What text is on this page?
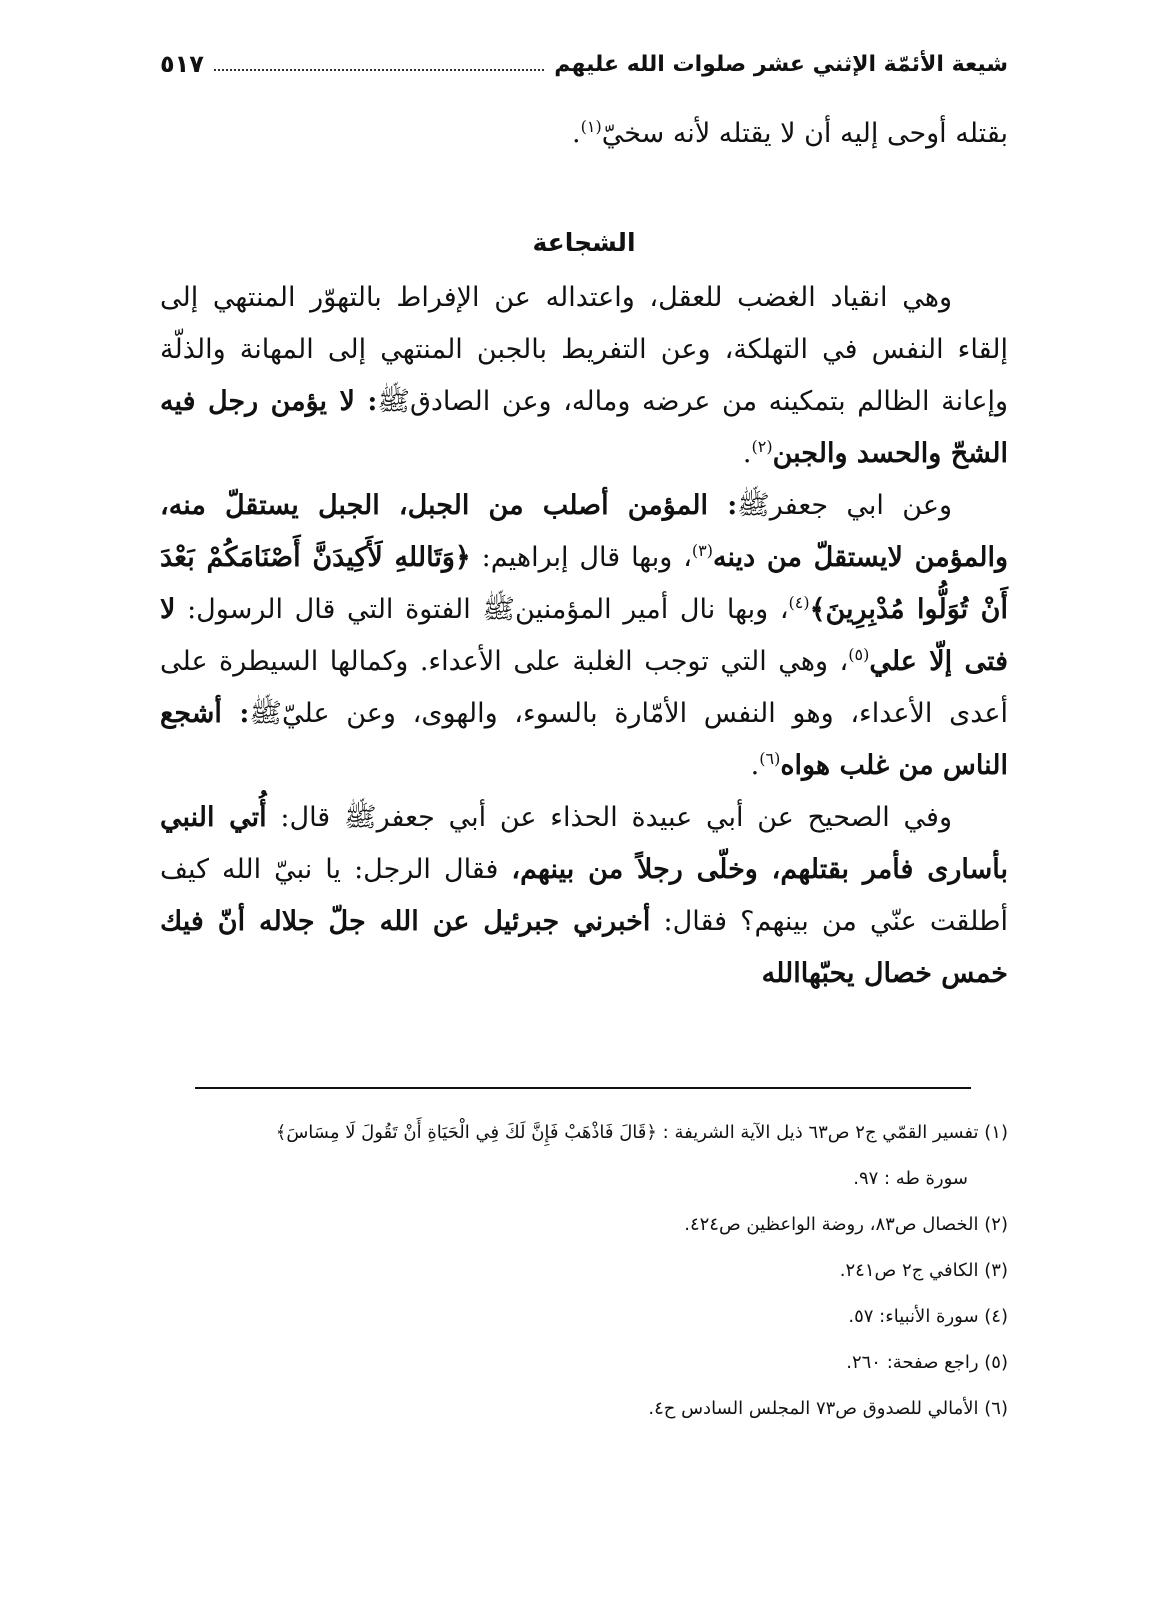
شيعة الأئمّة الإثني عشر صلوات الله عليهم
٥١٧

بقتله أوحى إليه أن لا يقتله لأنه سخيّ$^{(١)}$.

الشجاعة

وهي انقياد الغضب للعقل، واعتداله عن الإفراط بالتهوّر المنتهي إلى إلقاء النفس في التهلكة، وعن التفريط بالجبن المنتهي إلى المهانة والذلّة وإعانة الظالم بتمكينه من عرضه وماله، وعن الصادقﷺ: لا يؤمن رجل فيه الشحّ والحسد والجبن$^{(٢)}$.

وعن ابي جعفرﷺ: المؤمن أصلب من الجبل، الجبل يستقلّ منه، والمؤمن لايستقلّ من دينه$^{(٣)}$، وبها قال إبراهيم: ﴿وَتَاللهِ لَأَكِيدَنَّ أَصْنَامَكُمْ بَعْدَ أَنْ تُوَلُّوا مُدْبِرِينَ﴾$^{(٤)}$، وبها نال أمير المؤمنينﷺ الفتوة التي قال الرسول: لا فتى إلّا علي$^{(٥)}$، وهي التي توجب الغلبة على الأعداء. وكمالها السيطرة على أعدى الأعداء، وهو النفس الأمّارة بالسوء، والهوى، وعن عليّﷺ: أشجع الناس من غلب هواه$^{(٦)}$.

وفي الصحيح عن أبي عبيدة الحذاء عن أبي جعفرﷺ قال: أُتي النبي بأسارى فأمر بقتلهم، وخلّى رجلاً من بينهم، فقال الرجل: يا نبيّ الله كيف أطلقت عنّي من بينهم؟ فقال: أخبرني جبرئيل عن الله جلّ جلاله أنّ فيك خمس خصال يحبّهاالله

(١) تفسير القمّي ج٢ ص٦٣ ذيل الآية الشريفة : ﴿قَالَ فَاذْهَبْ فَإِنَّ لَكَ فِي الْحَيَاةِ أَنْ تَقُولَ لَا مِسَاسَ﴾

سورة طه : ٩٧.

(٢) الخصال ص٨٣، روضة الواعظين ص٤٢٤.

(٣) الكافي ج٢ ص٢٤١.

(٤) سورة الأنبياء: ٥٧.

(٥) راجع صفحة: ٢٦٠.

(٦) الأمالي للصدوق ص٧٣ المجلس السادس ح٤.
